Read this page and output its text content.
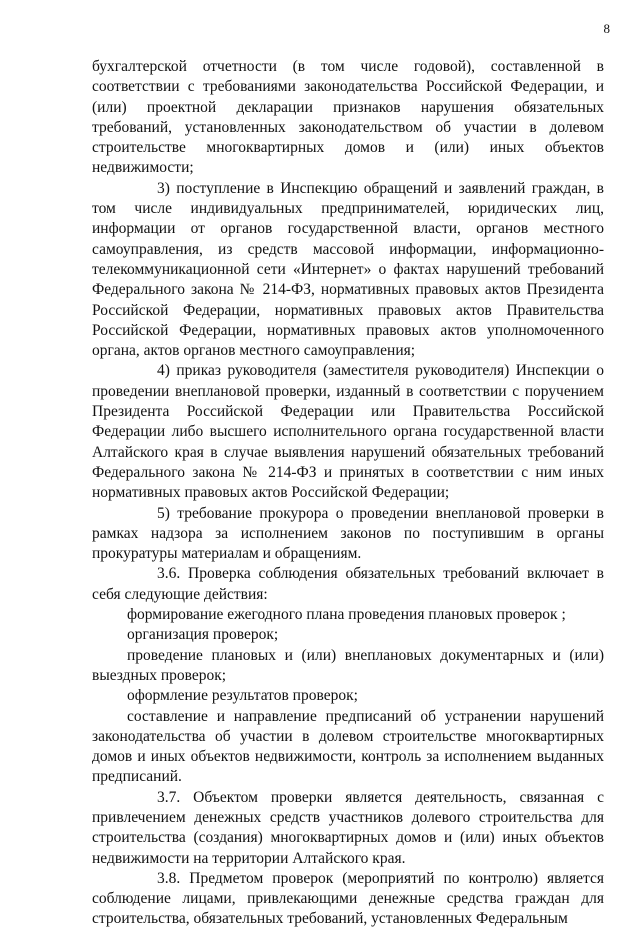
8

бухгалтерской отчетности (в том числе годовой), составленной в соответствии с требованиями законодательства Российской Федерации, и (или) проектной декларации признаков нарушения обязательных требований, установленных законодательством об участии в долевом строительстве многоквартирных домов и (или) иных объектов недвижимости;

3) поступление в Инспекцию обращений и заявлений граждан, в том числе индивидуальных предпринимателей, юридических лиц, информации от органов государственной власти, органов местного самоуправления, из средств массовой информации, информационно-телекоммуникационной сети «Интернет» о фактах нарушений требований Федерального закона № 214-ФЗ, нормативных правовых актов Президента Российской Федерации, нормативных правовых актов Правительства Российской Федерации, нормативных правовых актов уполномоченного органа, актов органов местного самоуправления;

4) приказ руководителя (заместителя руководителя) Инспекции о проведении внеплановой проверки, изданный в соответствии с поручением Президента Российской Федерации или Правительства Российской Федерации либо высшего исполнительного органа государственной власти Алтайского края в случае выявления нарушений обязательных требований Федерального закона № 214-ФЗ и принятых в соответствии с ним иных нормативных правовых актов Российской Федерации;

5) требование прокурора о проведении внеплановой проверки в рамках надзора за исполнением законов по поступившим в органы прокуратуры материалам и обращениям.

3.6. Проверка соблюдения обязательных требований включает в себя следующие действия:

формирование ежегодного плана проведения плановых проверок ;

организация проверок;

проведение плановых и (или) внеплановых документарных и (или) выездных проверок;

оформление результатов проверок;

составление и направление предписаний об устранении нарушений законодательства об участии в долевом строительстве многоквартирных домов и иных объектов недвижимости, контроль за исполнением выданных предписаний.

3.7. Объектом проверки является деятельность, связанная с привлечением денежных средств участников долевого строительства для строительства (создания) многоквартирных домов и (или) иных объектов недвижимости на территории Алтайского края.

3.8. Предметом проверок (мероприятий по контролю) является соблюдение лицами, привлекающими денежные средства граждан для строительства, обязательных требований, установленных Федеральным
